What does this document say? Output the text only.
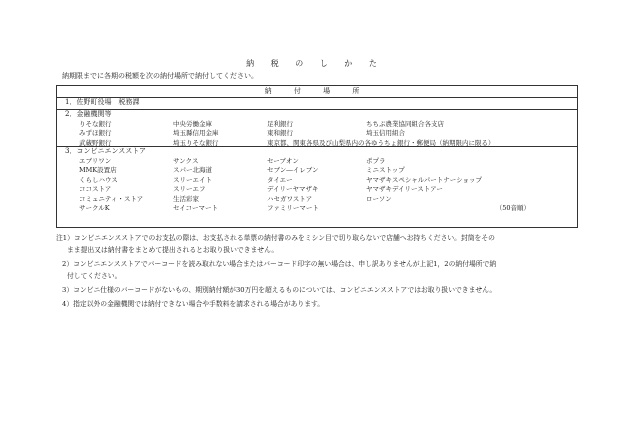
納 税 の し か た
納期限までに各期の税額を次の納付場所で納付してください。
納 付 場 所
1．佐野町役場　税務課
2．金融機関等
りそな銀行	中央労働金庫	足利銀行	ちちぶ農業協同組合各支店
みずほ銀行	埼玉縣信用金庫	東和銀行	埼玉信用組合
武蔵野銀行	埼玉りそな銀行	東京都、関東各県及び山梨県内の各ゆうちょ銀行・郵便局（納期限内に限る）
3．コンビニエンスストア
エブリワン	サンクス	セーブオン	ポプラ
MMK設置店	スパー北海道	セブン―イレブン	ミニストップ
くらしハウス	スリーエイト	タイエー	ヤマザキスペシャルパートナーショップ
ココストア	スリーエフ	デイリーヤマザキ	ヤマザキデイリーストアー
コミュニティ・ストア	生活彩家	ハセガワストア	ローソン
サークルK	セイコーマート	ファミリーマート	（50音順）
注1）コンビニエンスストアでのお支払の際は、お支払される単票の納付書のみをミシン目で切り取らないで店舗へお持ちください。封筒をその
まま提出又は納付書をまとめて提出されるとお取り扱いできません。
2）コンビニエンスストアでバーコードを読み取れない場合またはバーコード印字の無い場合は、申し訳ありませんが上記1，2の納付場所で納
付してください。
3）コンビニ仕様のバーコードがないもの、期別納付額が30万円を超えるものについては、コンビニエンスストアではお取り扱いできません。
4）指定以外の金融機関では納付できない場合や手数料を請求される場合があります。
